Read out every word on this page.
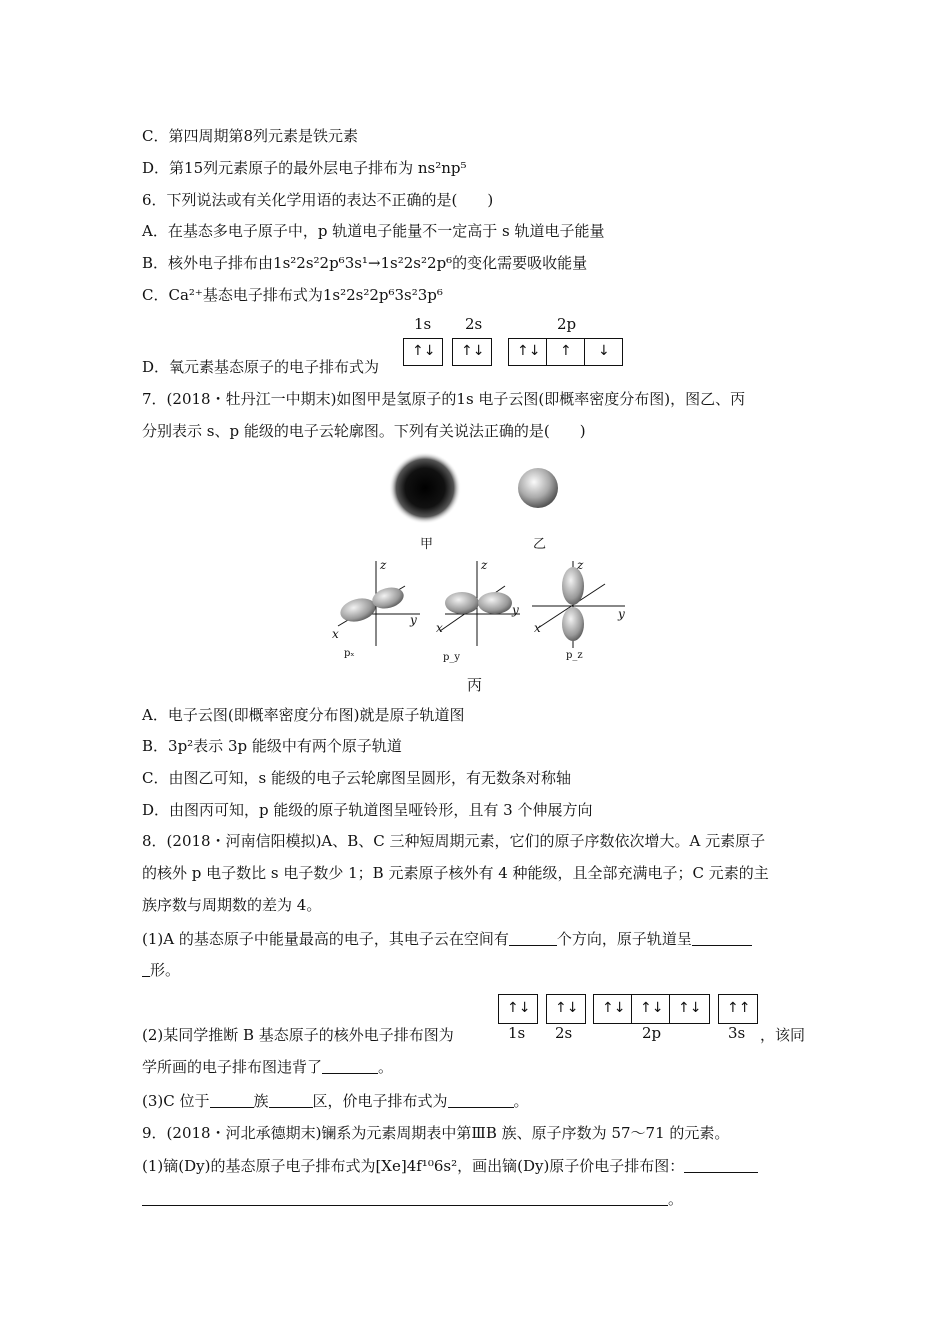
C．第四周期第8列元素是铁元素
D．第15列元素原子的最外层电子排布为 ns²np⁵
6．下列说法或有关化学用语的表达不正确的是(　　)
A．在基态多电子原子中，p 轨道电子能量不一定高于 s 轨道电子能量
B．核外电子排布由1s²2s²2p⁶3s¹→1s²2s²2p⁶的变化需要吸收能量
C．Ca²⁺基态电子排布式为1s²2s²2p⁶3s²3p⁶
D．氧元素基态原子的电子排布式为
1s 2s	2p
↑↓ ↑↓ ↑↓ ↑ ↓
7．(2018・牡丹江一中期末)如图甲是氢原子的1s 电子云图(即概率密度分布图)，图乙、丙
分别表示 s、p 能级的电子云轮廓图。下列有关说法正确的是(　　)
甲	乙
x
y
z
pₓ
x
y
z
p_y
x
y
z
p_z
丙
A．电子云图(即概率密度分布图)就是原子轨道图
B．3p²表示 3p 能级中有两个原子轨道
C．由图乙可知，s 能级的电子云轮廓图呈圆形，有无数条对称轴
D．由图丙可知，p 能级的原子轨道图呈哑铃形，且有 3 个伸展方向
8．(2018・河南信阳模拟)A、B、C 三种短周期元素，它们的原子序数依次增大。A 元素原子
的核外 p 电子数比 s 电子数少 1；B 元素原子核外有 4 种能级，且全部充满电子；C 元素的主
族序数与周期数的差为 4。
(1)A 的基态原子中能量最高的电子，其电子云在空间有	个方向，原子轨道呈
形。
(2)某同学推断 B 基态原子的核外电子排布图为
↑↓ ↑↓ ↑↓ ↑↓ ↑↓ ↑↑
1s 2s	2p	3s ，该同
学所画的电子排布图违背了	。
(3)C 位于	族	区，价电子排布式为	。
9．(2018・河北承德期末)镧系为元素周期表中第ⅢB 族、原子序数为 57～71 的元素。
(1)镝(Dy)的基态原子电子排布式为[Xe]4f¹⁰6s²，画出镝(Dy)原子价电子排布图：
。
